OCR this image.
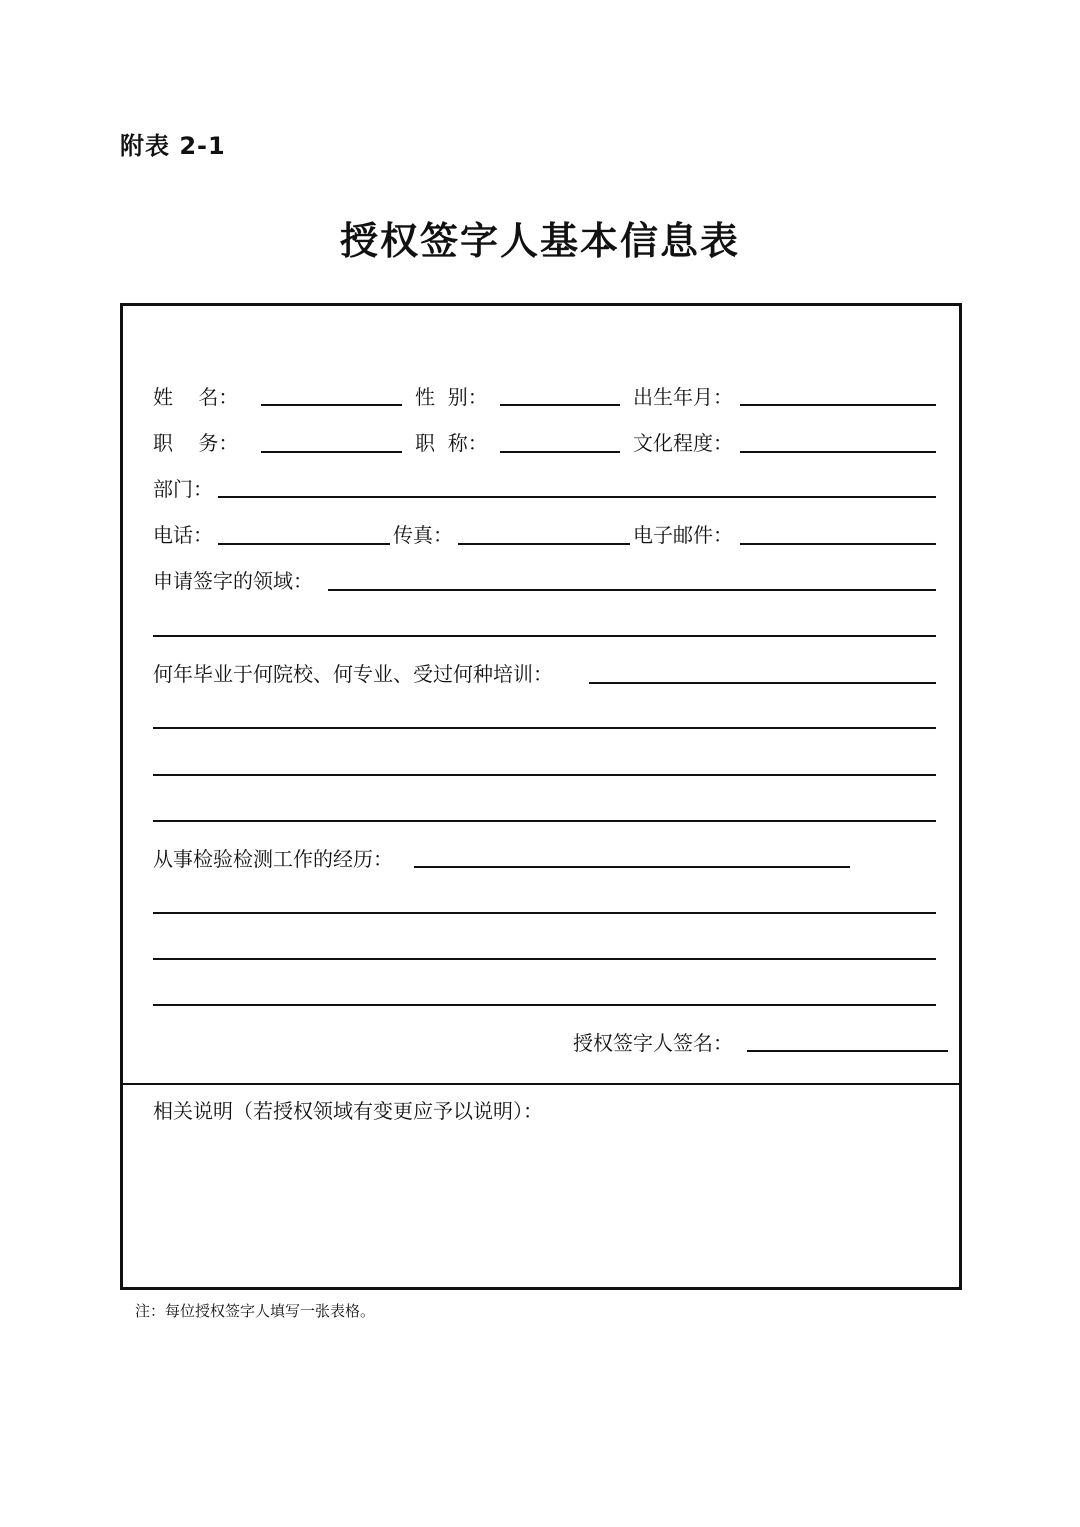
附表 2-1
授权签字人基本信息表
姓    名：	性  别：	出生年月：
职    务：	职  称：	文化程度：
部门：
电话：	传真：	电子邮件：
申请签字的领域：
何年毕业于何院校、何专业、受过何种培训：
从事检验检测工作的经历：
授权签字人签名：
相关说明（若授权领域有变更应予以说明）：
注：每位授权签字人填写一张表格。
